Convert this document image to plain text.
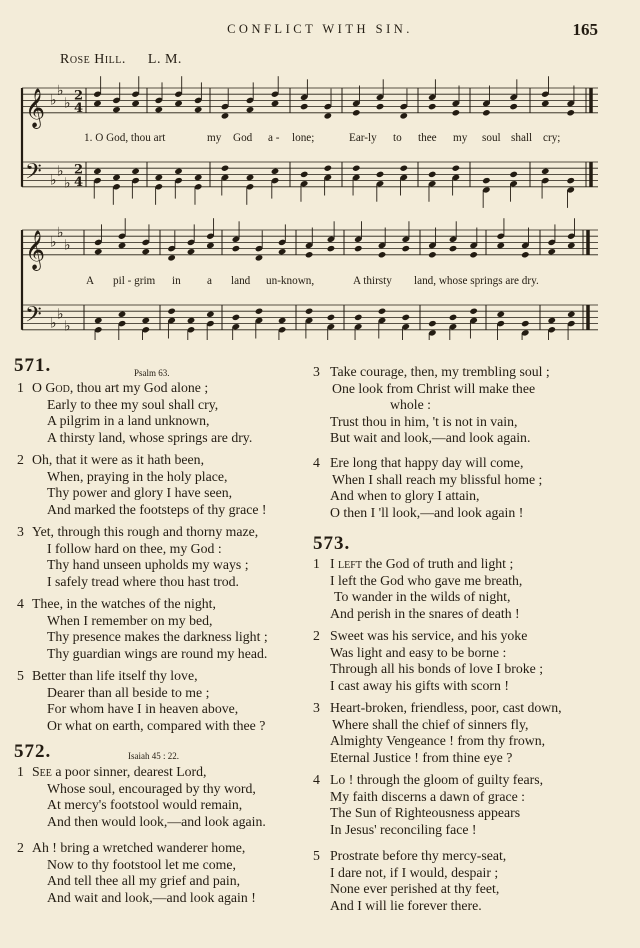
CONFLICT WITH SIN.	165
Rose Hill. L. M.
𝄞 ♭
♭
♭ 2
4
𝄢 ♭
♭
♭
2
4
𝄞 ♭
♭
♭
𝄢 ♭
♭
♭
1. O God, thou art	my God a - lone;	Ear-ly to thee my soul shall cry;
A pil - grim in a land un-known,	A thirsty land, whose springs are dry.
571.	Psalm 63.
1 O God, thou art my God alone ;
Early to thee my soul shall cry,
A pilgrim in a land unknown,
A thirsty land, whose springs are dry.
2 Oh, that it were as it hath been,
When, praying in the holy place,
Thy power and glory I have seen,
And marked the footsteps of thy grace !
3 Yet, through this rough and thorny maze,
I follow hard on thee, my God :
Thy hand unseen upholds my ways ;
I safely tread where thou hast trod.
4 Thee, in the watches of the night,
When I remember on my bed,
Thy presence makes the darkness light ;
Thy guardian wings are round my head.
5 Better than life itself thy love,
Dearer than all beside to me ;
For whom have I in heaven above,
Or what on earth, compared with thee ?
572.	Isaiah 45 : 22.
1 See a poor sinner, dearest Lord,
Whose soul, encouraged by thy word,
At mercy's footstool would remain,
And then would look,—and look again.
2 Ah ! bring a wretched wanderer home,
Now to thy footstool let me come,
And tell thee all my grief and pain,
And wait and look,—and look again !
3 Take courage, then, my trembling soul ;
One look from Christ will make thee
whole :
Trust thou in him, 't is not in vain,
But wait and look,—and look again.
4 Ere long that happy day will come,
When I shall reach my blissful home ;
And when to glory I attain,
O then I 'll look,—and look again !
573.
1 I left the God of truth and light ;
I left the God who gave me breath,
To wander in the wilds of night,
And perish in the snares of death !
2 Sweet was his service, and his yoke
Was light and easy to be borne :
Through all his bonds of love I broke ;
I cast away his gifts with scorn !
3 Heart-broken, friendless, poor, cast down,
Where shall the chief of sinners fly,
Almighty Vengeance ! from thy frown,
Eternal Justice ! from thine eye ?
4 Lo ! through the gloom of guilty fears,
My faith discerns a dawn of grace :
The Sun of Righteousness appears
In Jesus' reconciling face !
5 Prostrate before thy mercy-seat,
I dare not, if I would, despair ;
None ever perished at thy feet,
And I will lie forever there.
